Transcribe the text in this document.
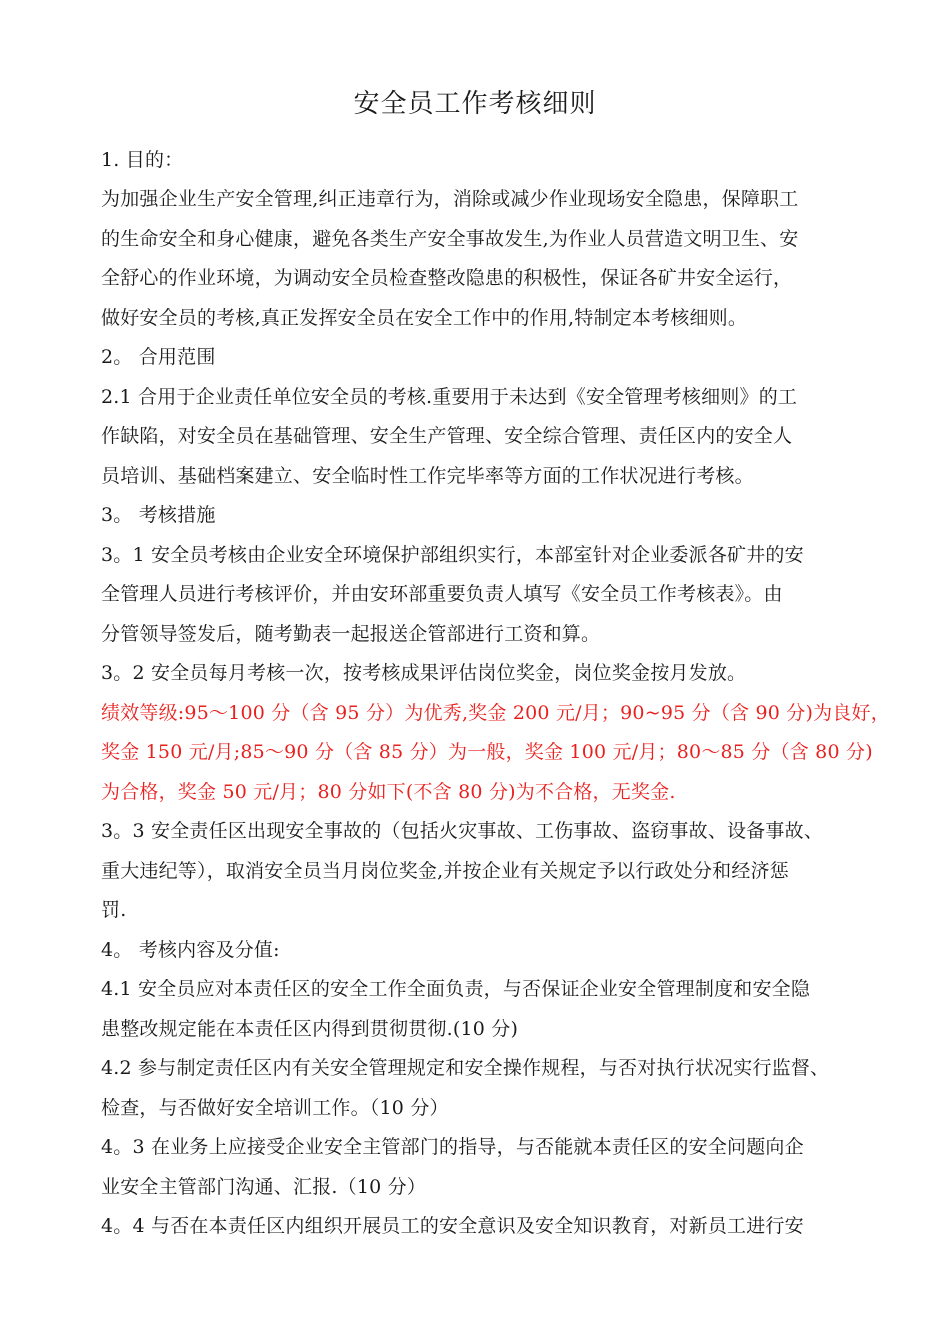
安全员工作考核细则
1. 目的：
为加强企业生产安全管理,纠正违章行为，消除或减少作业现场安全隐患，保障职工
的生命安全和身心健康，避免各类生产安全事故发生,为作业人员营造文明卫生、安
全舒心的作业环境，为调动安全员检查整改隐患的积极性，保证各矿井安全运行，
做好安全员的考核,真正发挥安全员在安全工作中的作用,特制定本考核细则。
2。 合用范围
2.1 合用于企业责任单位安全员的考核.重要用于未达到《安全管理考核细则》的工
作缺陷，对安全员在基础管理、安全生产管理、安全综合管理、责任区内的安全人
员培训、基础档案建立、安全临时性工作完毕率等方面的工作状况进行考核。
3。 考核措施
3。1 安全员考核由企业安全环境保护部组织实行，本部室针对企业委派各矿井的安
全管理人员进行考核评价，并由安环部重要负责人填写《安全员工作考核表》。由
分管领导签发后，随考勤表一起报送企管部进行工资和算。
3。2 安全员每月考核一次，按考核成果评估岗位奖金，岗位奖金按月发放。
绩效等级:95～100 分（含 95 分）为优秀,奖金 200 元/月；90~95 分（含 90 分)为良好，
奖金 150 元/月;85～90 分（含 85 分）为一般，奖金 100 元/月；80～85 分（含 80 分)
为合格，奖金 50 元/月；80 分如下(不含 80 分)为不合格，无奖金.
3。3 安全责任区出现安全事故的（包括火灾事故、工伤事故、盗窃事故、设备事故、
重大违纪等），取消安全员当月岗位奖金,并按企业有关规定予以行政处分和经济惩
罚.
4。 考核内容及分值:
4.1 安全员应对本责任区的安全工作全面负责，与否保证企业安全管理制度和安全隐
患整改规定能在本责任区内得到贯彻贯彻.(10 分)
4.2 参与制定责任区内有关安全管理规定和安全操作规程，与否对执行状况实行监督、
检查，与否做好安全培训工作。（10 分）
4。3 在业务上应接受企业安全主管部门的指导，与否能就本责任区的安全问题向企
业安全主管部门沟通、汇报.（10 分）
4。4 与否在本责任区内组织开展员工的安全意识及安全知识教育，对新员工进行安
